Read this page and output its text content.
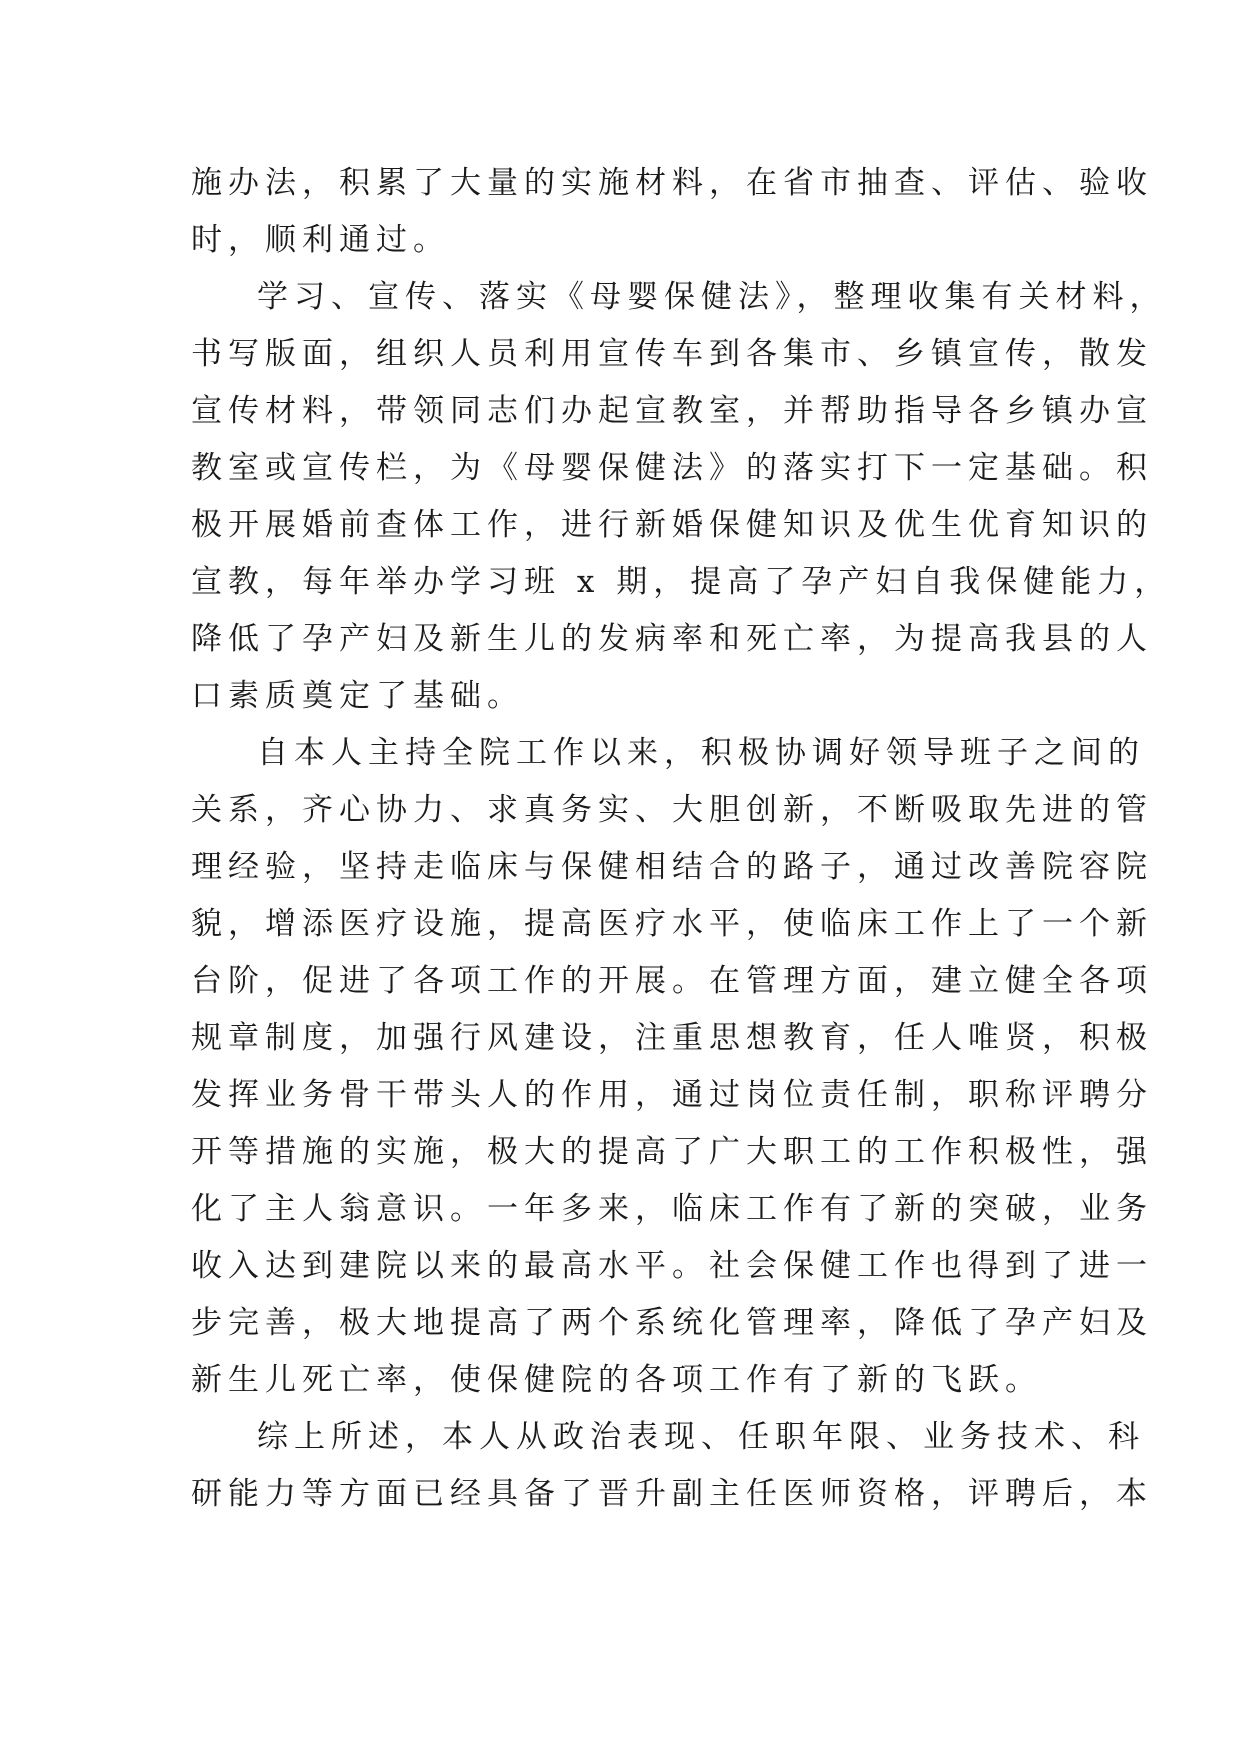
施办法，积累了大量的实施材料，在省市抽查、评估、验收
时，顺利通过。
学习、宣传、落实《母婴保健法》，整理收集有关材料，
书写版面，组织人员利用宣传车到各集市、乡镇宣传，散发
宣传材料，带领同志们办起宣教室，并帮助指导各乡镇办宣
教室或宣传栏，为《母婴保健法》的落实打下一定基础。积
极开展婚前查体工作，进行新婚保健知识及优生优育知识的
宣教，每年举办学习班 x 期，提高了孕产妇自我保健能力，
降低了孕产妇及新生儿的发病率和死亡率，为提高我县的人
口素质奠定了基础。
自本人主持全院工作以来，积极协调好领导班子之间的
关系，齐心协力、求真务实、大胆创新，不断吸取先进的管
理经验，坚持走临床与保健相结合的路子，通过改善院容院
貌，增添医疗设施，提高医疗水平，使临床工作上了一个新
台阶，促进了各项工作的开展。在管理方面，建立健全各项
规章制度，加强行风建设，注重思想教育，任人唯贤，积极
发挥业务骨干带头人的作用，通过岗位责任制，职称评聘分
开等措施的实施，极大的提高了广大职工的工作积极性，强
化了主人翁意识。一年多来，临床工作有了新的突破，业务
收入达到建院以来的最高水平。社会保健工作也得到了进一
步完善，极大地提高了两个系统化管理率，降低了孕产妇及
新生儿死亡率，使保健院的各项工作有了新的飞跃。
综上所述，本人从政治表现、任职年限、业务技术、科
研能力等方面已经具备了晋升副主任医师资格，评聘后，本
